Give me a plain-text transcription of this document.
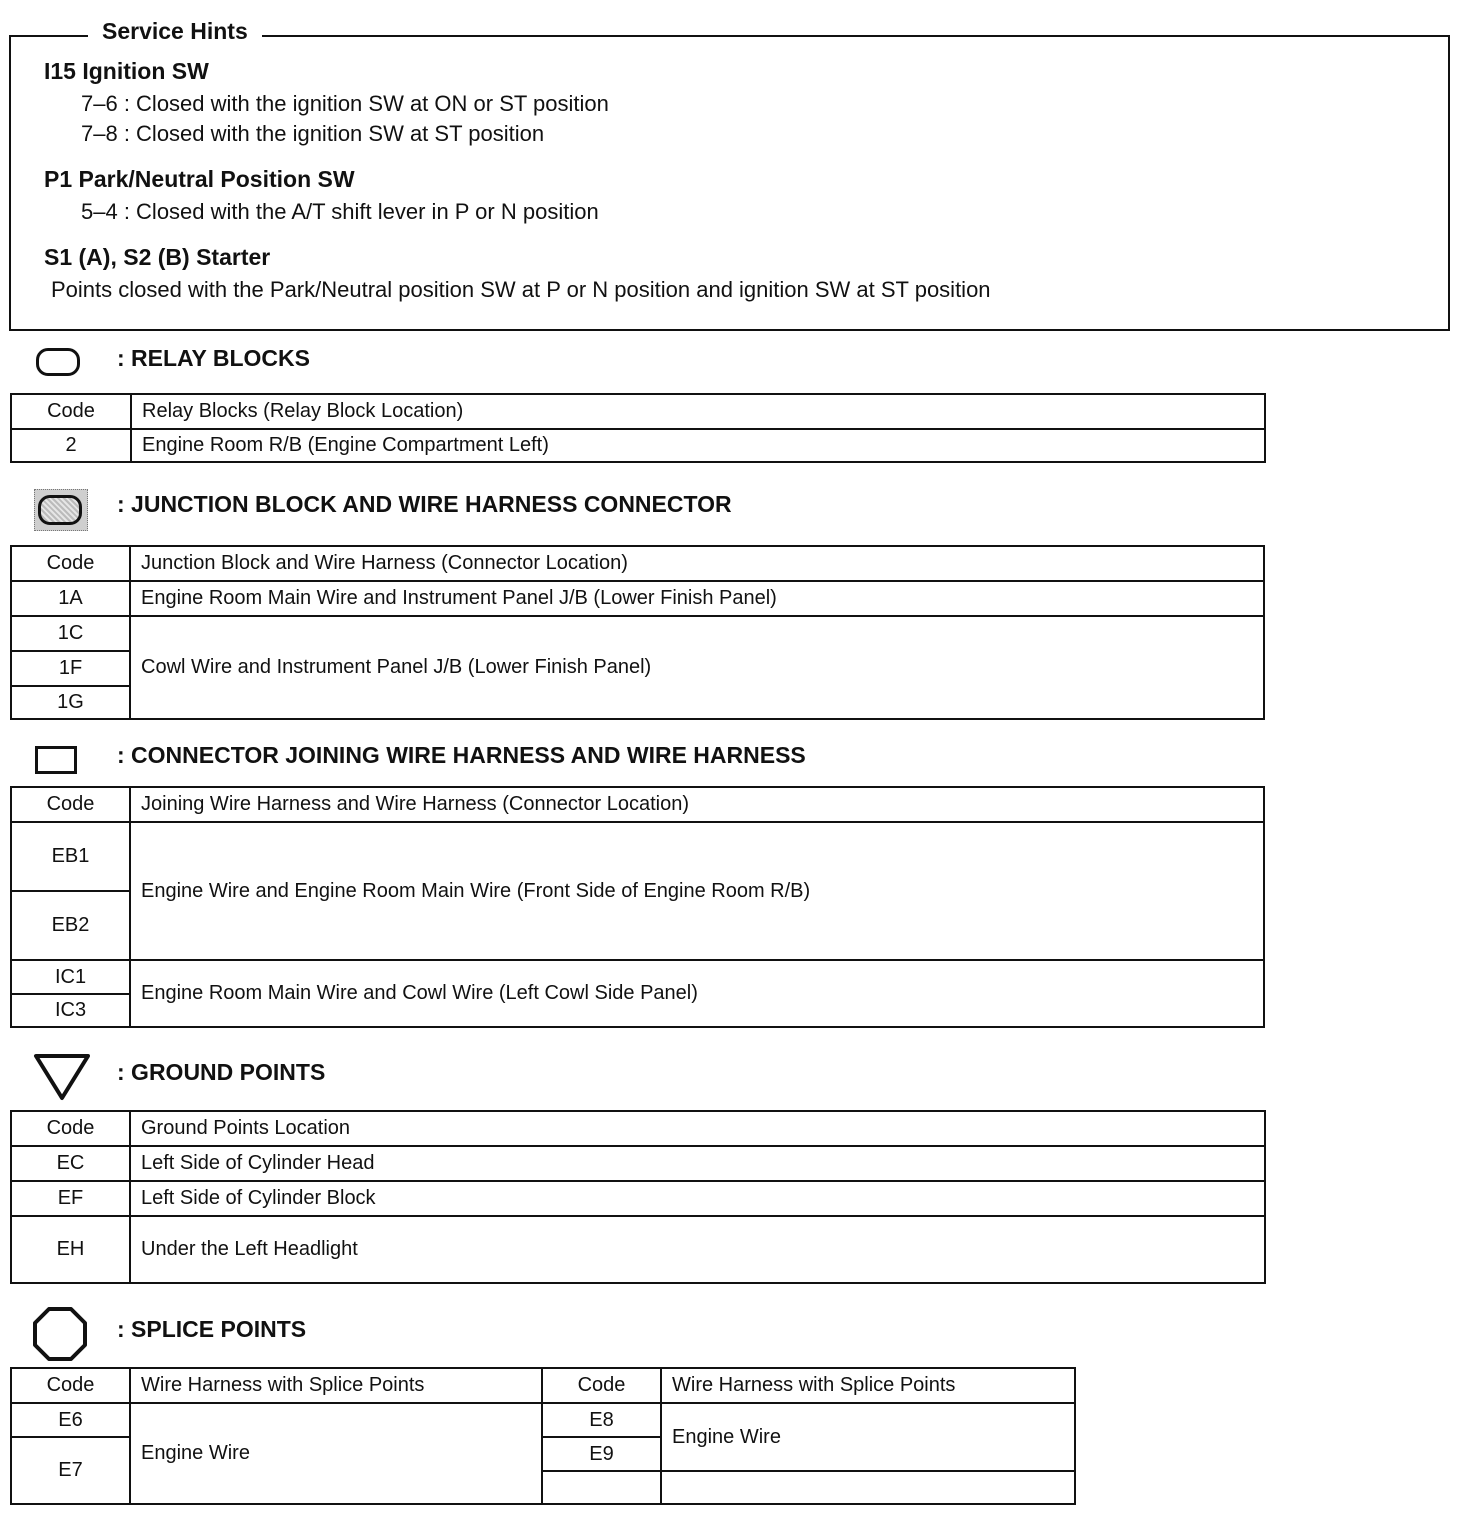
Service Hints
I15 Ignition SW
7–6 : Closed with the ignition SW at ON or ST position
7–8 : Closed with the ignition SW at ST position
P1 Park/Neutral Position SW
5–4 : Closed with the A/T shift lever in P or N position
S1 (A), S2 (B) Starter
Points closed with the Park/Neutral position SW at P or N position and ignition SW at ST position
: RELAY BLOCKS
Code	Relay Blocks (Relay Block Location)
2	Engine Room R/B (Engine Compartment Left)
: JUNCTION BLOCK AND WIRE HARNESS CONNECTOR
Code	Junction Block and Wire Harness (Connector Location)
1A	Engine Room Main Wire and Instrument Panel J/B (Lower Finish Panel)
1C	Cowl Wire and Instrument Panel J/B (Lower Finish Panel)
1F	
1G	
: CONNECTOR JOINING WIRE HARNESS AND WIRE HARNESS
Code	Joining Wire Harness and Wire Harness (Connector Location)
EB1	Engine Wire and Engine Room Main Wire (Front Side of Engine Room R/B)
EB2	
IC1	Engine Room Main Wire and Cowl Wire (Left Cowl Side Panel)
IC3	
: GROUND POINTS
Code	Ground Points Location
EC	Left Side of Cylinder Head
EF	Left Side of Cylinder Block
EH	Under the Left Headlight
: SPLICE POINTS
Code	Wire Harness with Splice Points
E6	Engine Wire
E7	
Code	Wire Harness with Splice Points
E8	Engine Wire
E9	
